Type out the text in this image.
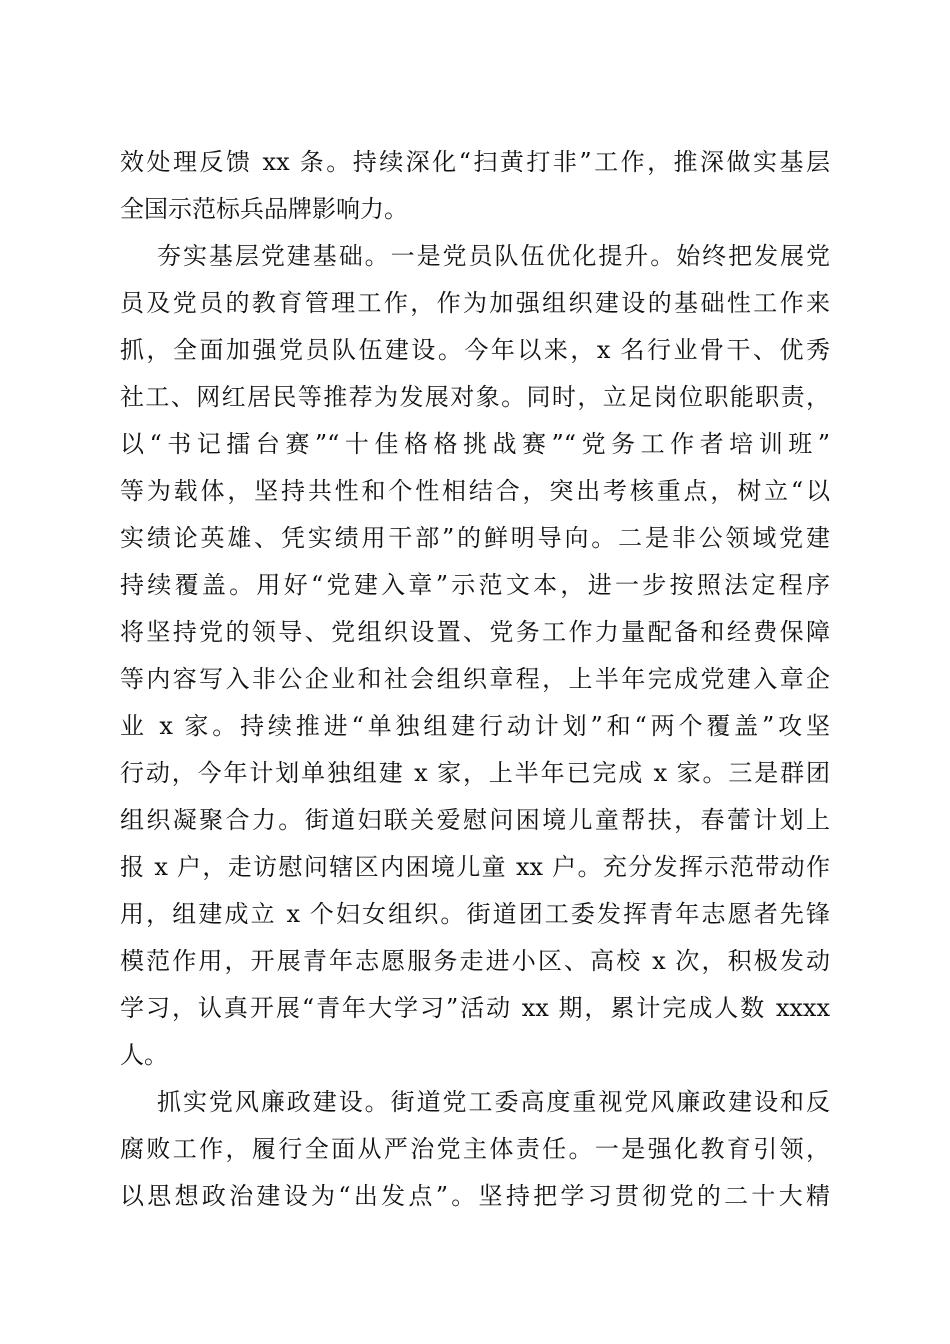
效处理反馈 xx 条。持续深化“扫黄打非”工作，推深做实基层
全国示范标兵品牌影响力。
夯实基层党建基础。一是党员队伍优化提升。始终把发展党
员及党员的教育管理工作，作为加强组织建设的基础性工作来
抓，全面加强党员队伍建设。今年以来，x 名行业骨干、优秀
社工、网红居民等推荐为发展对象。同时，立足岗位职能职责，
以“书记擂台赛”“十佳格格挑战赛”“党务工作者培训班”
等为载体，坚持共性和个性相结合，突出考核重点，树立“以
实绩论英雄、凭实绩用干部”的鲜明导向。二是非公领域党建
持续覆盖。用好“党建入章”示范文本，进一步按照法定程序
将坚持党的领导、党组织设置、党务工作力量配备和经费保障
等内容写入非公企业和社会组织章程，上半年完成党建入章企
业 x 家。持续推进“单独组建行动计划”和“两个覆盖”攻坚
行动，今年计划单独组建 x 家，上半年已完成 x 家。三是群团
组织凝聚合力。街道妇联关爱慰问困境儿童帮扶，春蕾计划上
报 x 户，走访慰问辖区内困境儿童 xx 户。充分发挥示范带动作
用，组建成立 x 个妇女组织。街道团工委发挥青年志愿者先锋
模范作用，开展青年志愿服务走进小区、高校 x 次，积极发动
学习，认真开展“青年大学习”活动 xx 期，累计完成人数 xxxx
人。
抓实党风廉政建设。街道党工委高度重视党风廉政建设和反
腐败工作，履行全面从严治党主体责任。一是强化教育引领，
以思想政治建设为“出发点”。坚持把学习贯彻党的二十大精
